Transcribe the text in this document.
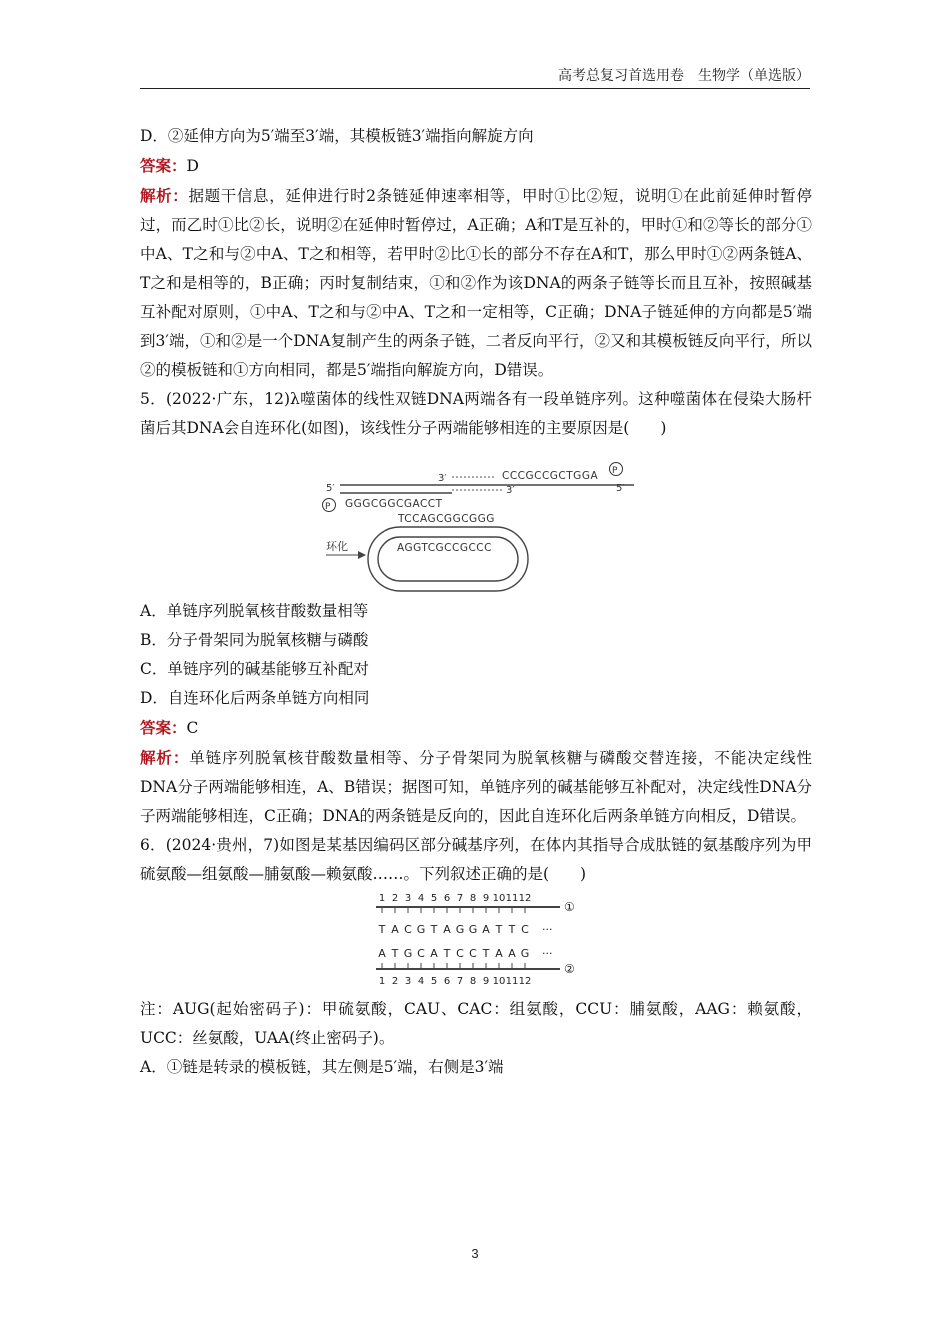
高考总复习首选用卷 生物学（单选版）

D．②延伸方向为5′端至3′端，其模板链3′端指向解旋方向

答案：D

解析：据题干信息，延伸进行时2条链延伸速率相等，甲时①比②短，说明①在此前延伸时暂停过，而乙时①比②长，说明②在延伸时暂停过，A正确；A和T是互补的，甲时①和②等长的部分①中A、T之和与②中A、T之和相等，若甲时②比①长的部分不存在A和T，那么甲时①②两条链A、T之和是相等的，B正确；丙时复制结束，①和②作为该DNA的两条子链等长而且互补，按照碱基互补配对原则，①中A、T之和与②中A、T之和一定相等，C正确；DNA子链延伸的方向都是5′端到3′端，①和②是一个DNA复制产生的两条子链，二者反向平行，②又和其模板链反向平行，所以②的模板链和①方向相同，都是5′端指向解旋方向，D错误。

5．(2022·广东，12)λ噬菌体的线性双链DNA两端各有一段单链序列。这种噬菌体在侵染大肠杆菌后其DNA会自连环化(如图)，该线性分子两端能够相连的主要原因是(　　)

3′	CCCGCCGCTGGA
3′
P
5′
5′
P GGGCGGCGACCT
TCCAGCGGCGGG
AGGTCGCCGCCC
环化

A．单链序列脱氧核苷酸数量相等

B．分子骨架同为脱氧核糖与磷酸

C．单链序列的碱基能够互补配对

D．自连环化后两条单链方向相同

答案：C

解析：单链序列脱氧核苷酸数量相等、分子骨架同为脱氧核糖与磷酸交替连接，不能决定线性DNA分子两端能够相连，A、B错误；据图可知，单链序列的碱基能够互补配对，决定线性DNA分子两端能够相连，C正确；DNA的两条链是反向的，因此自连环化后两条单链方向相反，D错误。

6．(2024·贵州，7)如图是某基因编码区部分碱基序列，在体内其指导合成肽链的氨基酸序列为甲硫氨酸—组氨酸—脯氨酸—赖氨酸……。下列叙述正确的是(　　)

1 2 3 4 5 6 7 8 9 10 11 12
T A C G T A G G A T T C ···
①
A T G C A T C C T A A G ···
②
1 2 3 4 5 6 7 8 9 10 11 12

注：AUG(起始密码子)：甲硫氨酸，CAU、CAC：组氨酸，CCU：脯氨酸，AAG：赖氨酸，UCC：丝氨酸，UAA(终止密码子)。

A．①链是转录的模板链，其左侧是5′端，右侧是3′端

3
